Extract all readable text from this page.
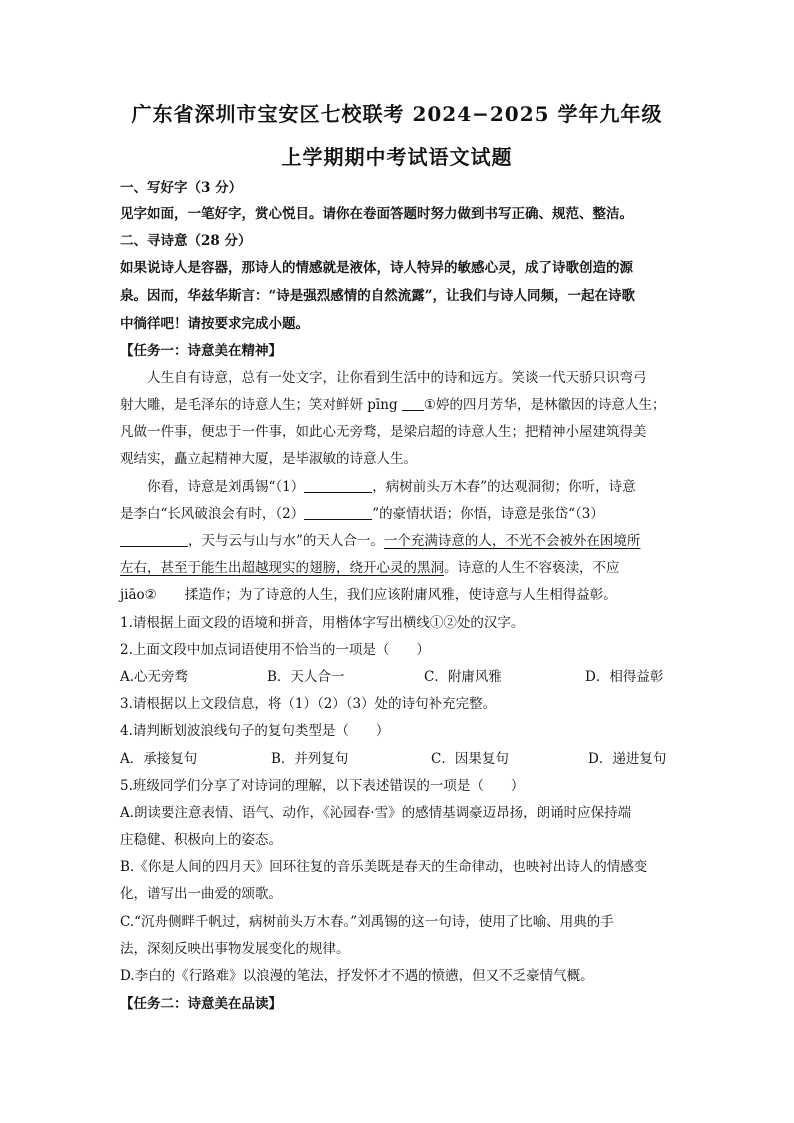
广东省深圳市宝安区七校联考 2024−2025 学年九年级
上学期期中考试语文试题
一、写好字（3 分）
见字如面，一笔好字，赏心悦目。请你在卷面答题时努力做到书写正确、规范、整洁。
二、寻诗意（28 分）
如果说诗人是容器，那诗人的情感就是液体，诗人特异的敏感心灵，成了诗歌创造的源
泉。因而，华兹华斯言：“诗是强烈感情的自然流露”，让我们与诗人同频，一起在诗歌
中徜徉吧！请按要求完成小题。
【任务一：诗意美在精神】
人生自有诗意，总有一处文字，让你看到生活中的诗和远方。笑谈一代天骄只识弯弓
射大雕，是毛泽东的诗意人生；笑对鲜妍 pīng ①婷的四月芳华，是林徽因的诗意人生；
凡做一件事，便忠于一件事，如此心无旁骛，是梁启超的诗意人生；把精神小屋建筑得美
观结实，矗立起精神大厦，是毕淑敏的诗意人生。
你看，诗意是刘禹锡“（1）	，病树前头万木春”的达观洞彻；你听，诗意
是李白“长风破浪会有时，（2）	”的豪情状语；你悟，诗意是张岱“（3）
，天与云与山与水”的天人合一。一个充满诗意的人，不光不会被外在困境所
左右，甚至于能生出超越现实的翅膀，绕开心灵的黑洞。诗意的人生不容亵渎，不应
jiāo② 揉造作；为了诗意的人生，我们应该附庸风雅，使诗意与人生相得益彰。
1.请根据上面文段的语境和拼音，用楷体字写出横线①②处的汉字。
2.上面文段中加点词语使用不恰当的一项是（　　）
A.心无旁骛	B．天人合一	C．附庸风雅	D．相得益彰
3.请根据以上文段信息，将（1）（2）（3）处的诗句补充完整。
4.请判断划波浪线句子的复句类型是（　　）
A．承接复句	B．并列复句	C．因果复句	D．递进复句
5.班级同学们分享了对诗词的理解，以下表述错误的一项是（　　）
A.朗读要注意表情、语气、动作，《沁园春·雪》的感情基调豪迈昂扬，朗诵时应保持端
庄稳健、积极向上的姿态。
B.《你是人间的四月天》回环往复的音乐美既是春天的生命律动，也映衬出诗人的情感变
化，谱写出一曲爱的颂歌。
C.“沉舟侧畔千帆过，病树前头万木春。”刘禹锡的这一句诗，使用了比喻、用典的手
法，深刻反映出事物发展变化的规律。
D.李白的《行路难》以浪漫的笔法，抒发怀才不遇的愤懑，但又不乏豪情气概。
【任务二：诗意美在品读】
